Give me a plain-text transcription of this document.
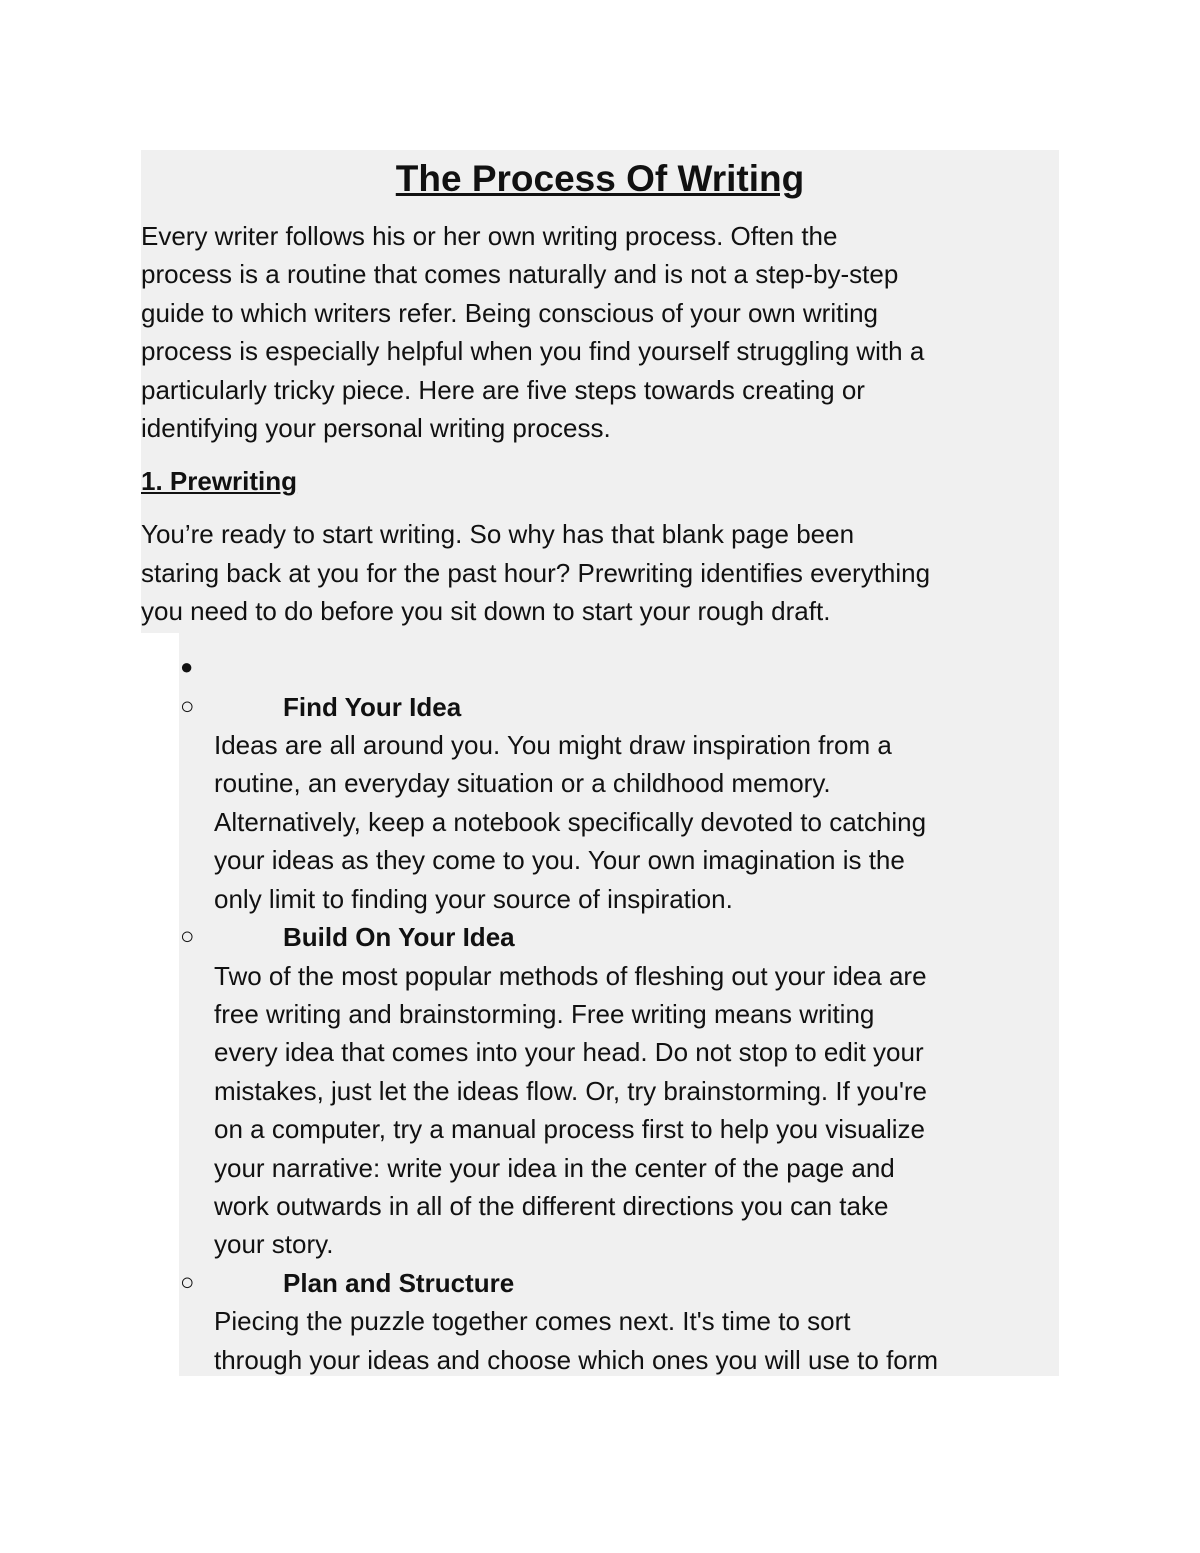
The Process Of Writing
Every writer follows his or her own writing process. Often the
process is a routine that comes naturally and is not a step-by-step
guide to which writers refer. Being conscious of your own writing
process is especially helpful when you find yourself struggling with a
particularly tricky piece. Here are five steps towards creating or
identifying your personal writing process.
1. Prewriting
You’re ready to start writing. So why has that blank page been
staring back at you for the past hour? Prewriting identifies everything
you need to do before you sit down to start your rough draft.
●
○	Find Your Idea
Ideas are all around you. You might draw inspiration from a
routine, an everyday situation or a childhood memory.
Alternatively, keep a notebook specifically devoted to catching
your ideas as they come to you. Your own imagination is the
only limit to finding your source of inspiration.
○	Build On Your Idea
Two of the most popular methods of fleshing out your idea are
free writing and brainstorming. Free writing means writing
every idea that comes into your head. Do not stop to edit your
mistakes, just let the ideas flow. Or, try brainstorming. If you're
on a computer, try a manual process first to help you visualize
your narrative: write your idea in the center of the page and
work outwards in all of the different directions you can take
your story.
○	Plan and Structure
Piecing the puzzle together comes next. It's time to sort
through your ideas and choose which ones you will use to form
